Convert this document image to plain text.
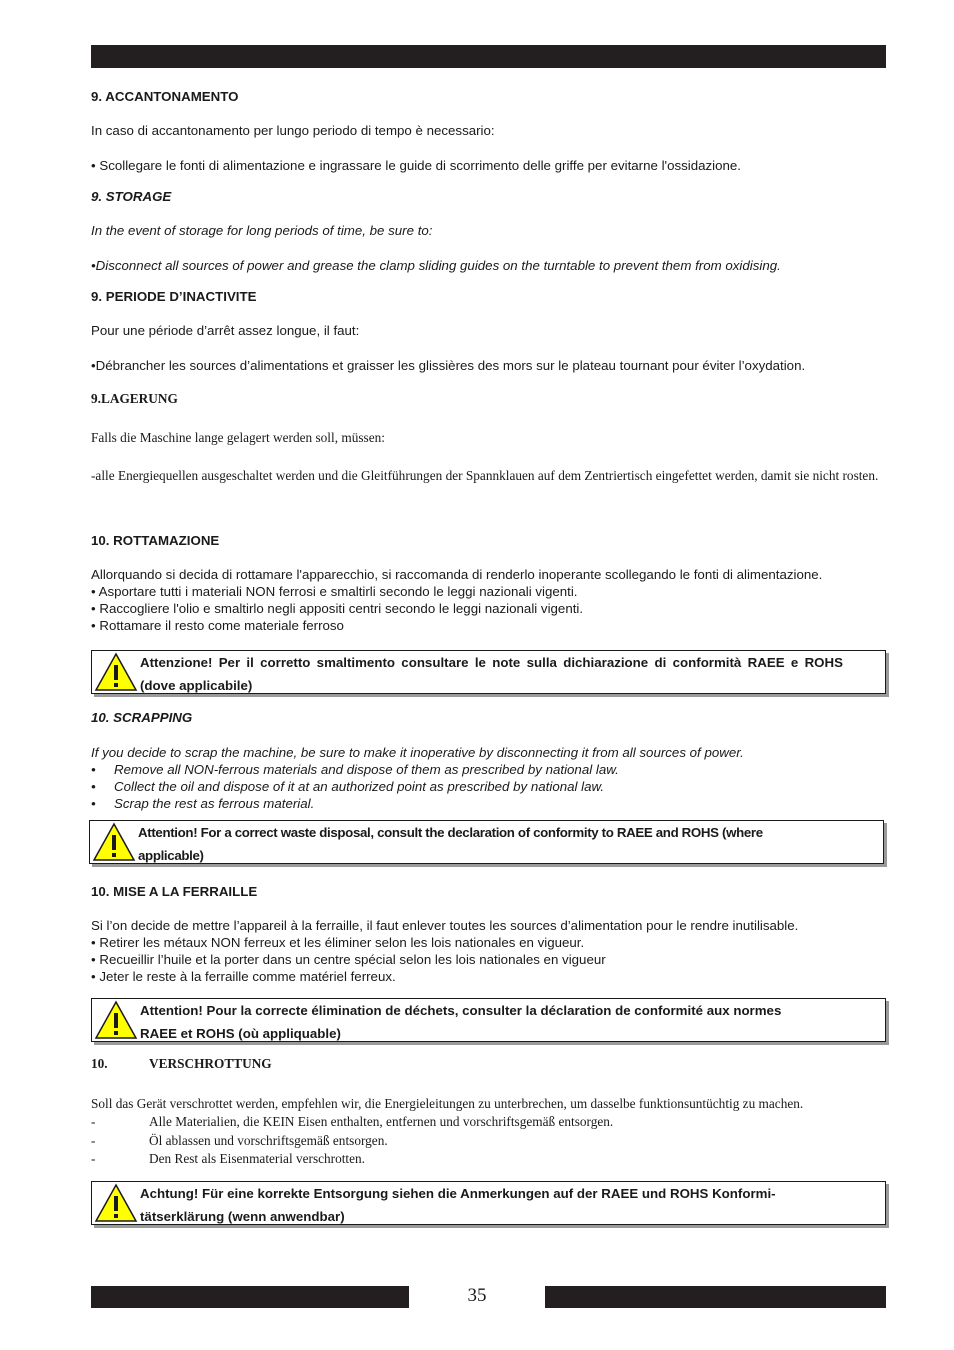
35
9. ACCANTONAMENTO
In caso di accantonamento per lungo periodo di tempo è necessario:
• Scollegare le fonti di alimentazione e ingrassare le guide di scorrimento delle griffe per evitarne l'ossidazione.
9. STORAGE
In the event of storage for long periods of time, be sure to:
•Disconnect all sources of power and grease the clamp sliding guides on the turntable to prevent them from oxidising.
9. PERIODE D’INACTIVITE
Pour une période d’arrêt assez longue, il faut:
•Débrancher les sources d’alimentations et graisser les glissières des mors sur le plateau tournant pour éviter l’oxydation.
9.LAGERUNG
Falls die Maschine lange gelagert werden soll, müssen:
-alle Energiequellen ausgeschaltet werden und die Gleitführungen der Spannklauen auf dem Zentriertisch eingefettet werden, damit sie nicht rosten.
10. ROTTAMAZIONE
Allorquando si decida di rottamare l'apparecchio, si raccomanda di renderlo inoperante scollegando le fonti di alimentazione.
• Asportare tutti i materiali NON ferrosi e smaltirli secondo le leggi nazionali vigenti.
• Raccogliere l'olio e smaltirlo negli appositi centri secondo le leggi nazionali vigenti.
• Rottamare il resto come materiale ferroso
Attenzione! Per il corretto smaltimento consultare le note sulla dichiarazione di conformità RAEE e ROHS (dove applicabile)
10. SCRAPPING
If you decide to scrap the machine, be sure to make it inoperative by disconnecting it from all sources of power.
• Remove all NON-ferrous materials and dispose of them as prescribed by national law.
• Collect the oil and dispose of it at an authorized point as prescribed by national law.
• Scrap the rest as ferrous material.
Attention! For a correct waste disposal, consult the declaration of conformity to RAEE and ROHS (where
applicable)
10. MISE A LA FERRAILLE
Si l’on decide de mettre l’appareil à la ferraille, il faut enlever toutes les sources d’alimentation pour le rendre inutilisable.
• Retirer les métaux NON ferreux et les éliminer selon les lois nationales en vigueur.
• Recueillir l’huile et la porter dans un centre spécial selon les lois nationales en vigueur
• Jeter le reste à la ferraille comme matériel ferreux.
Attention! Pour la correcte élimination de déchets, consulter la déclaration de conformité aux normes
RAEE et ROHS (où appliquable)
10.	VERSCHROTTUNG
Soll das Gerät verschrottet werden, empfehlen wir, die Energieleitungen zu unterbrechen, um dasselbe funktionsuntüchtig zu machen.
-	Alle Materialien, die KEIN Eisen enthalten, entfernen und vorschriftsgemäß entsorgen.
-	Öl ablassen und vorschriftsgemäß entsorgen.
-	Den Rest als Eisenmaterial verschrotten.
Achtung! Für eine korrekte Entsorgung siehen die Anmerkungen auf der RAEE und ROHS Konformi-
tätserklärung (wenn anwendbar)
